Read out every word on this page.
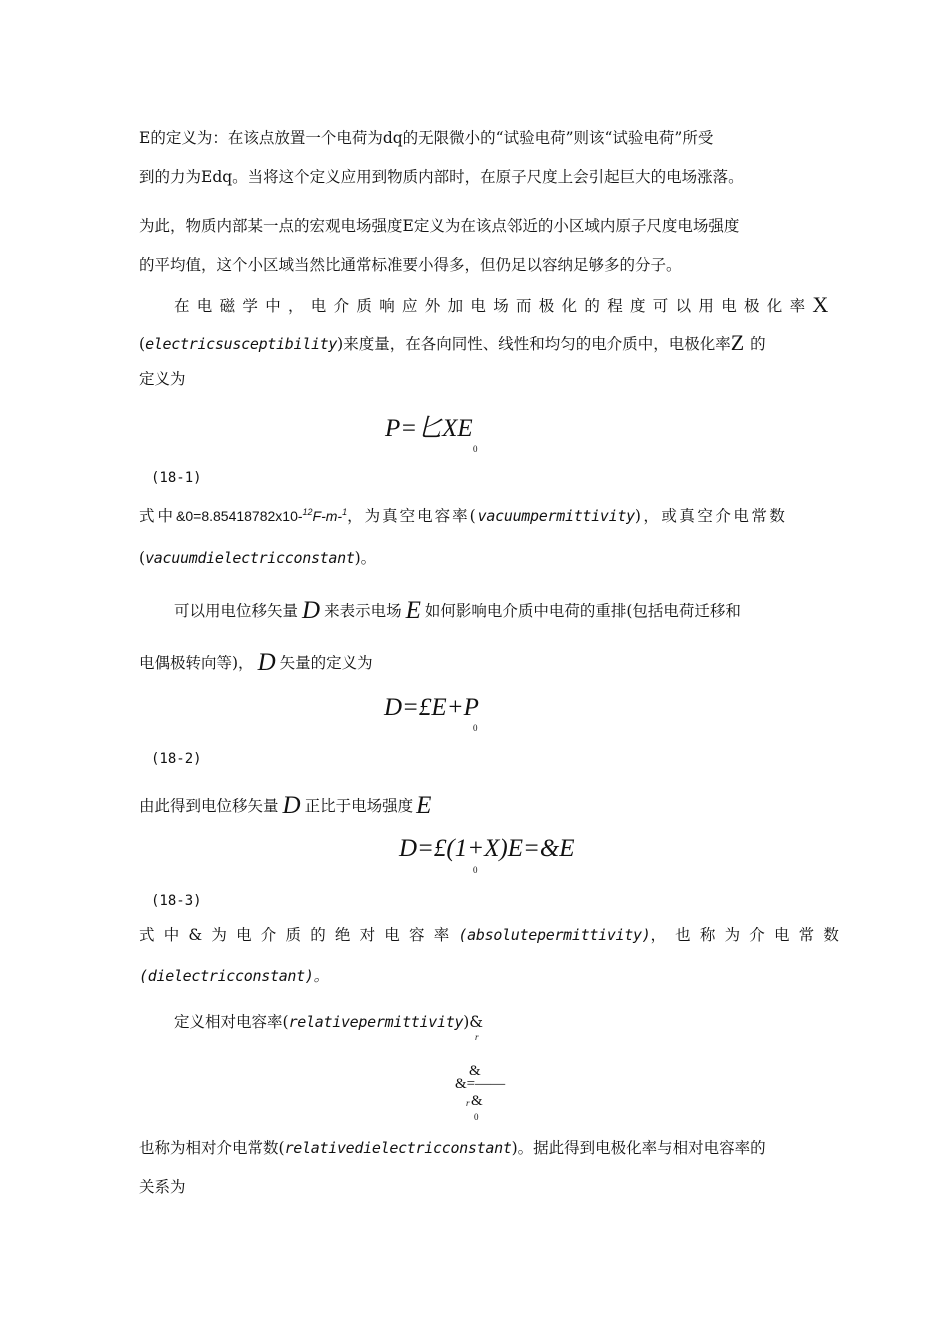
E的定义为：在该点放置一个电荷为dq的无限微小的“试验电荷”则该“试验电荷”所受
到的力为Edq。当将这个定义应用到物质内部时，在原子尺度上会引起巨大的电场涨落。
为此，物质内部某一点的宏观电场强度E定义为在该点邻近的小区域内原子尺度电场强度
的平均值，这个小区域当然比通常标准要小得多，但仍足以容纳足够多的分子。
在电磁学中，电介质响应外加电场而极化的程度可以用电极化率X
(electricsusceptibility)来度量，在各向同性、线性和均匀的电介质中，电极化率Z 的
定义为
P=匕XE
0
(18-1)
式中&0=8.85418782x10-$^{12}$F-m-$^1$，为真空电容率(vacuumpermittivity)，或真空介电常数
(vacuumdielectricconstant)。
可以用电位移矢量 D 来表示电场 E 如何影响电介质中电荷的重排(包括电荷迁移和
电偶极转向等)， D 矢量的定义为
D=£E+P
0
(18-2)
由此得到电位移矢量 D 正比于电场强度 E
D=£(1+X)E=&E
0
(18-3)
式中&为电介质的绝对电容率(absolutepermittivity)，也称为介电常数
(dielectricconstant)。
定义相对电容率(relativepermittivity)&
r
&
&=——
r &
0
也称为相对介电常数(relativedielectricconstant)。据此得到电极化率与相对电容率的
关系为
